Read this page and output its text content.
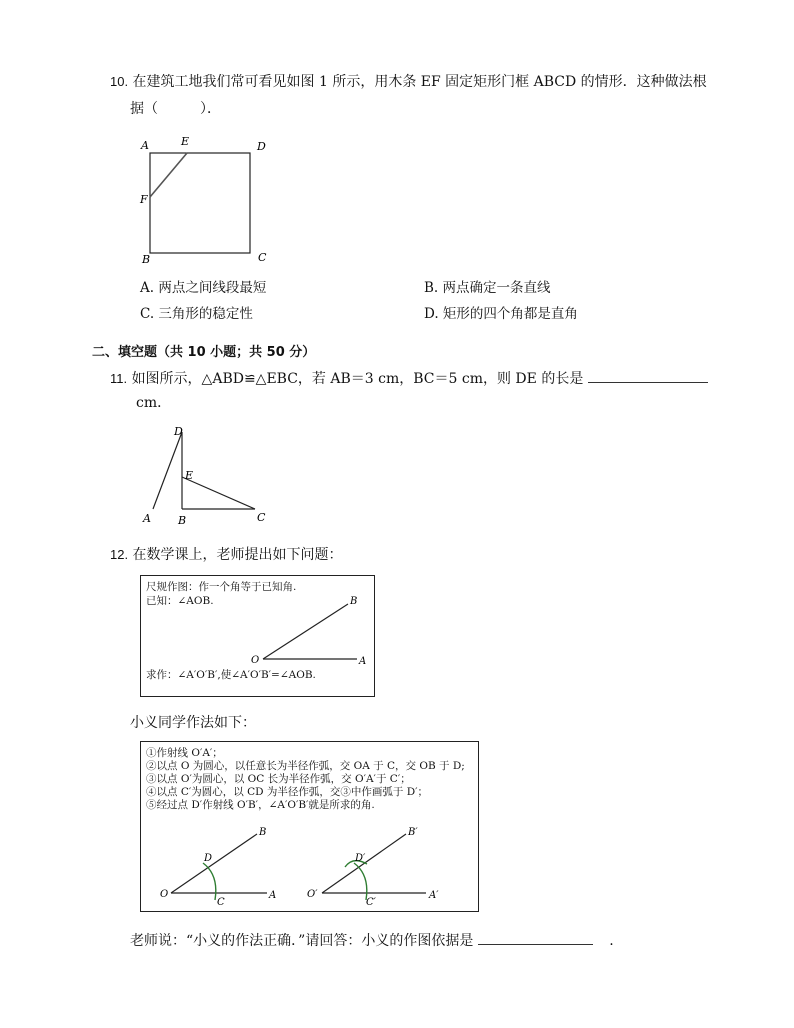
10. 在建筑工地我们常可看见如图 1 所示，用木条 EF 固定矩形门框 ABCD 的情形．这种做法根
据（　　　）．
A	E	D
F
B	C
A. 两点之间线段最短	B. 两点确定一条直线
C. 三角形的稳定性	D. 矩形的四个角都是直角
二、填空题（共 10 小题；共 50 分）
11. 如图所示，△ABD≌△EBC，若 AB＝3 cm，BC＝5 cm，则 DE 的长是
cm．
D
E
A B	C
12. 在数学课上，老师提出如下问题：
尺规作图：作一个角等于已知角.
已知：∠AOB.	B
O	A
求作：∠A′O′B′,使∠A′O′B′=∠AOB.
小义同学作法如下：
①作射线 O′A′；
②以点 O 为圆心，以任意长为半径作弧，交 OA 于 C，交 OB 于 D;
③以点 O′为圆心，以 OC 长为半径作弧，交 O′A′于 C′；
④以点 C′为圆心，以 CD 为半径作弧，交③中作画弧于 D′；
⑤经过点 D′作射线 O′B′，∠A′O′B′就是所求的角.
B
D
O
C
A
B′
D′
O′
C′
A′
老师说：“小义的作法正确．”请回答：小义的作图依据是	.
